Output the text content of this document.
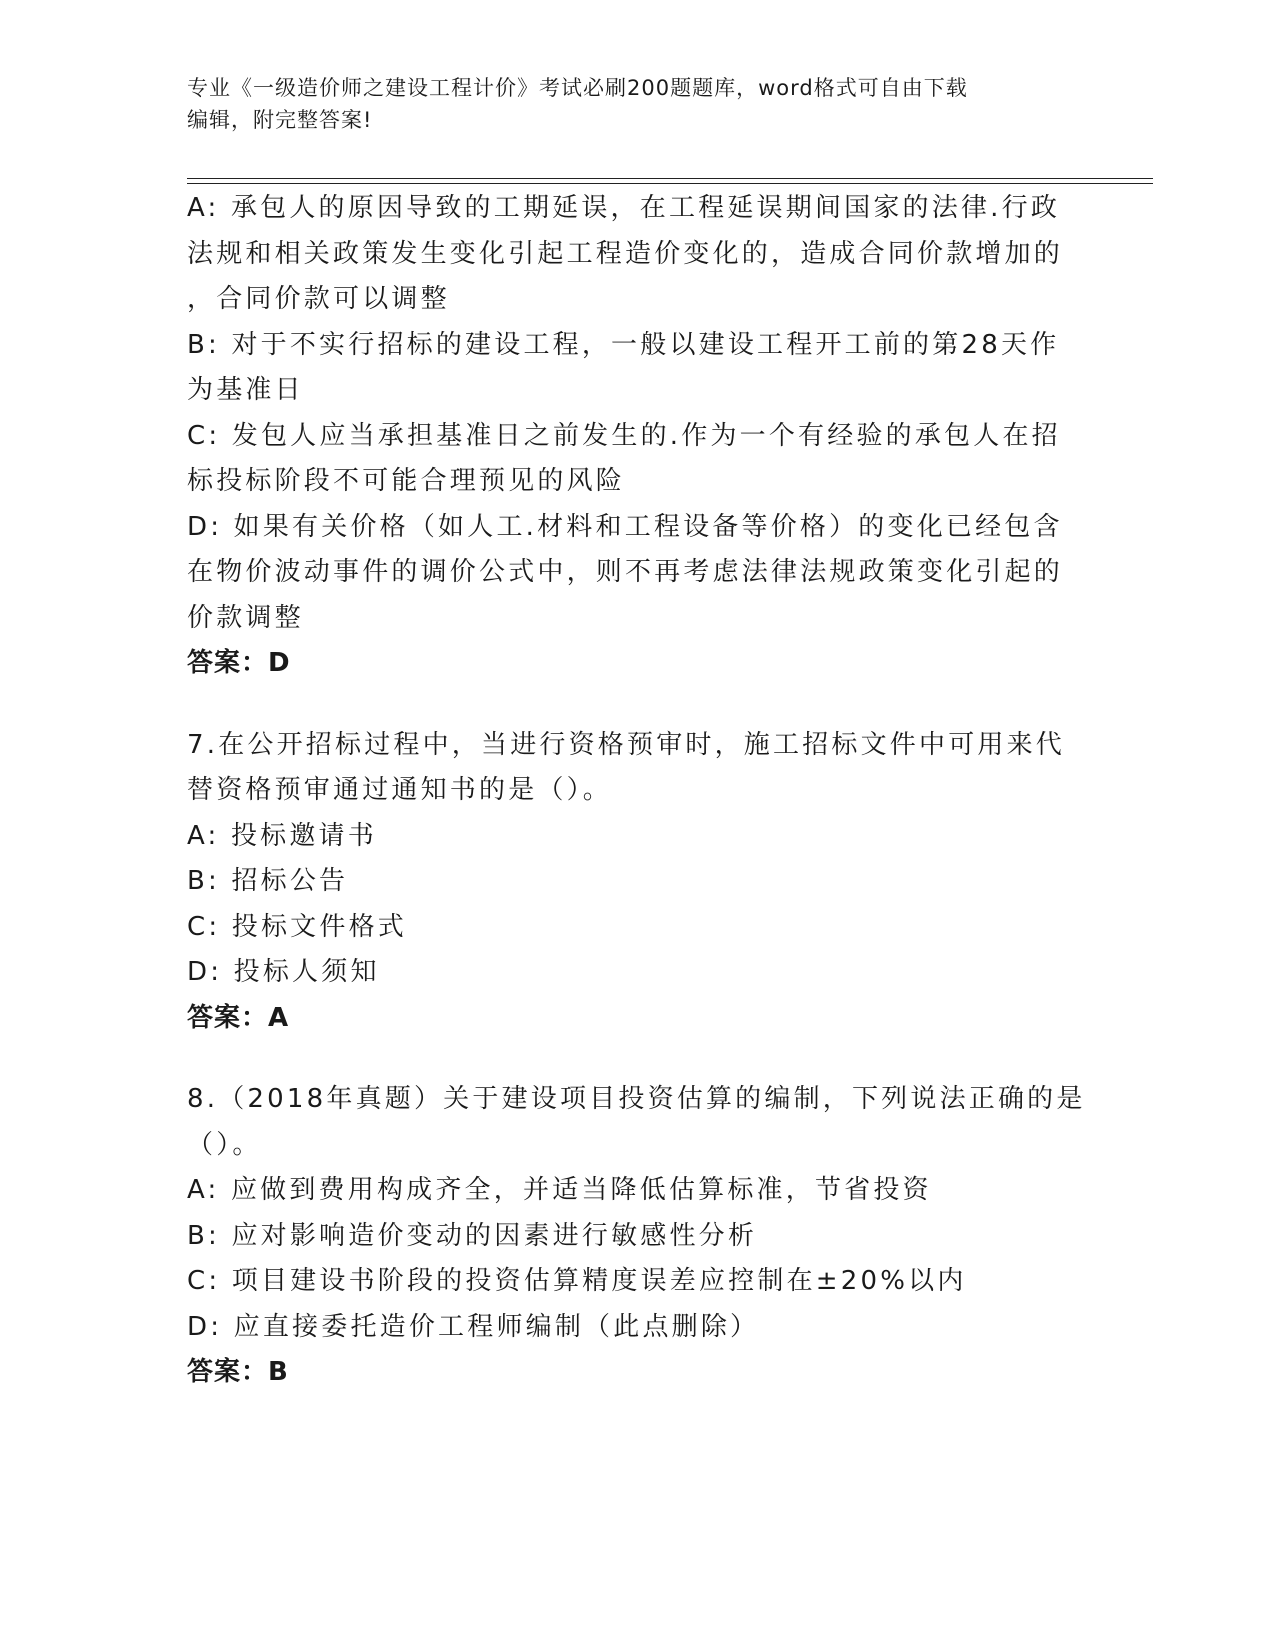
专业《一级造价师之建设工程计价》考试必刷200题题库，word格式可自由下载
编辑，附完整答案!
A: 承包人的原因导致的工期延误，在工程延误期间国家的法律.行政
法规和相关政策发生变化引起工程造价变化的，造成合同价款增加的
，合同价款可以调整
B: 对于不实行招标的建设工程，一般以建设工程开工前的第28天作
为基准日
C: 发包人应当承担基准日之前发生的.作为一个有经验的承包人在招
标投标阶段不可能合理预见的风险
D: 如果有关价格（如人工.材料和工程设备等价格）的变化已经包含
在物价波动事件的调价公式中，则不再考虑法律法规政策变化引起的
价款调整
答案：D
7.在公开招标过程中，当进行资格预审时，施工招标文件中可用来代
替资格预审通过通知书的是（）。
A: 投标邀请书
B: 招标公告
C: 投标文件格式
D: 投标人须知
答案：A
8.（2018年真题）关于建设项目投资估算的编制，下列说法正确的是
（）。
A: 应做到费用构成齐全，并适当降低估算标准，节省投资
B: 应对影响造价变动的因素进行敏感性分析
C: 项目建设书阶段的投资估算精度误差应控制在±20%以内
D: 应直接委托造价工程师编制（此点删除）
答案：B
